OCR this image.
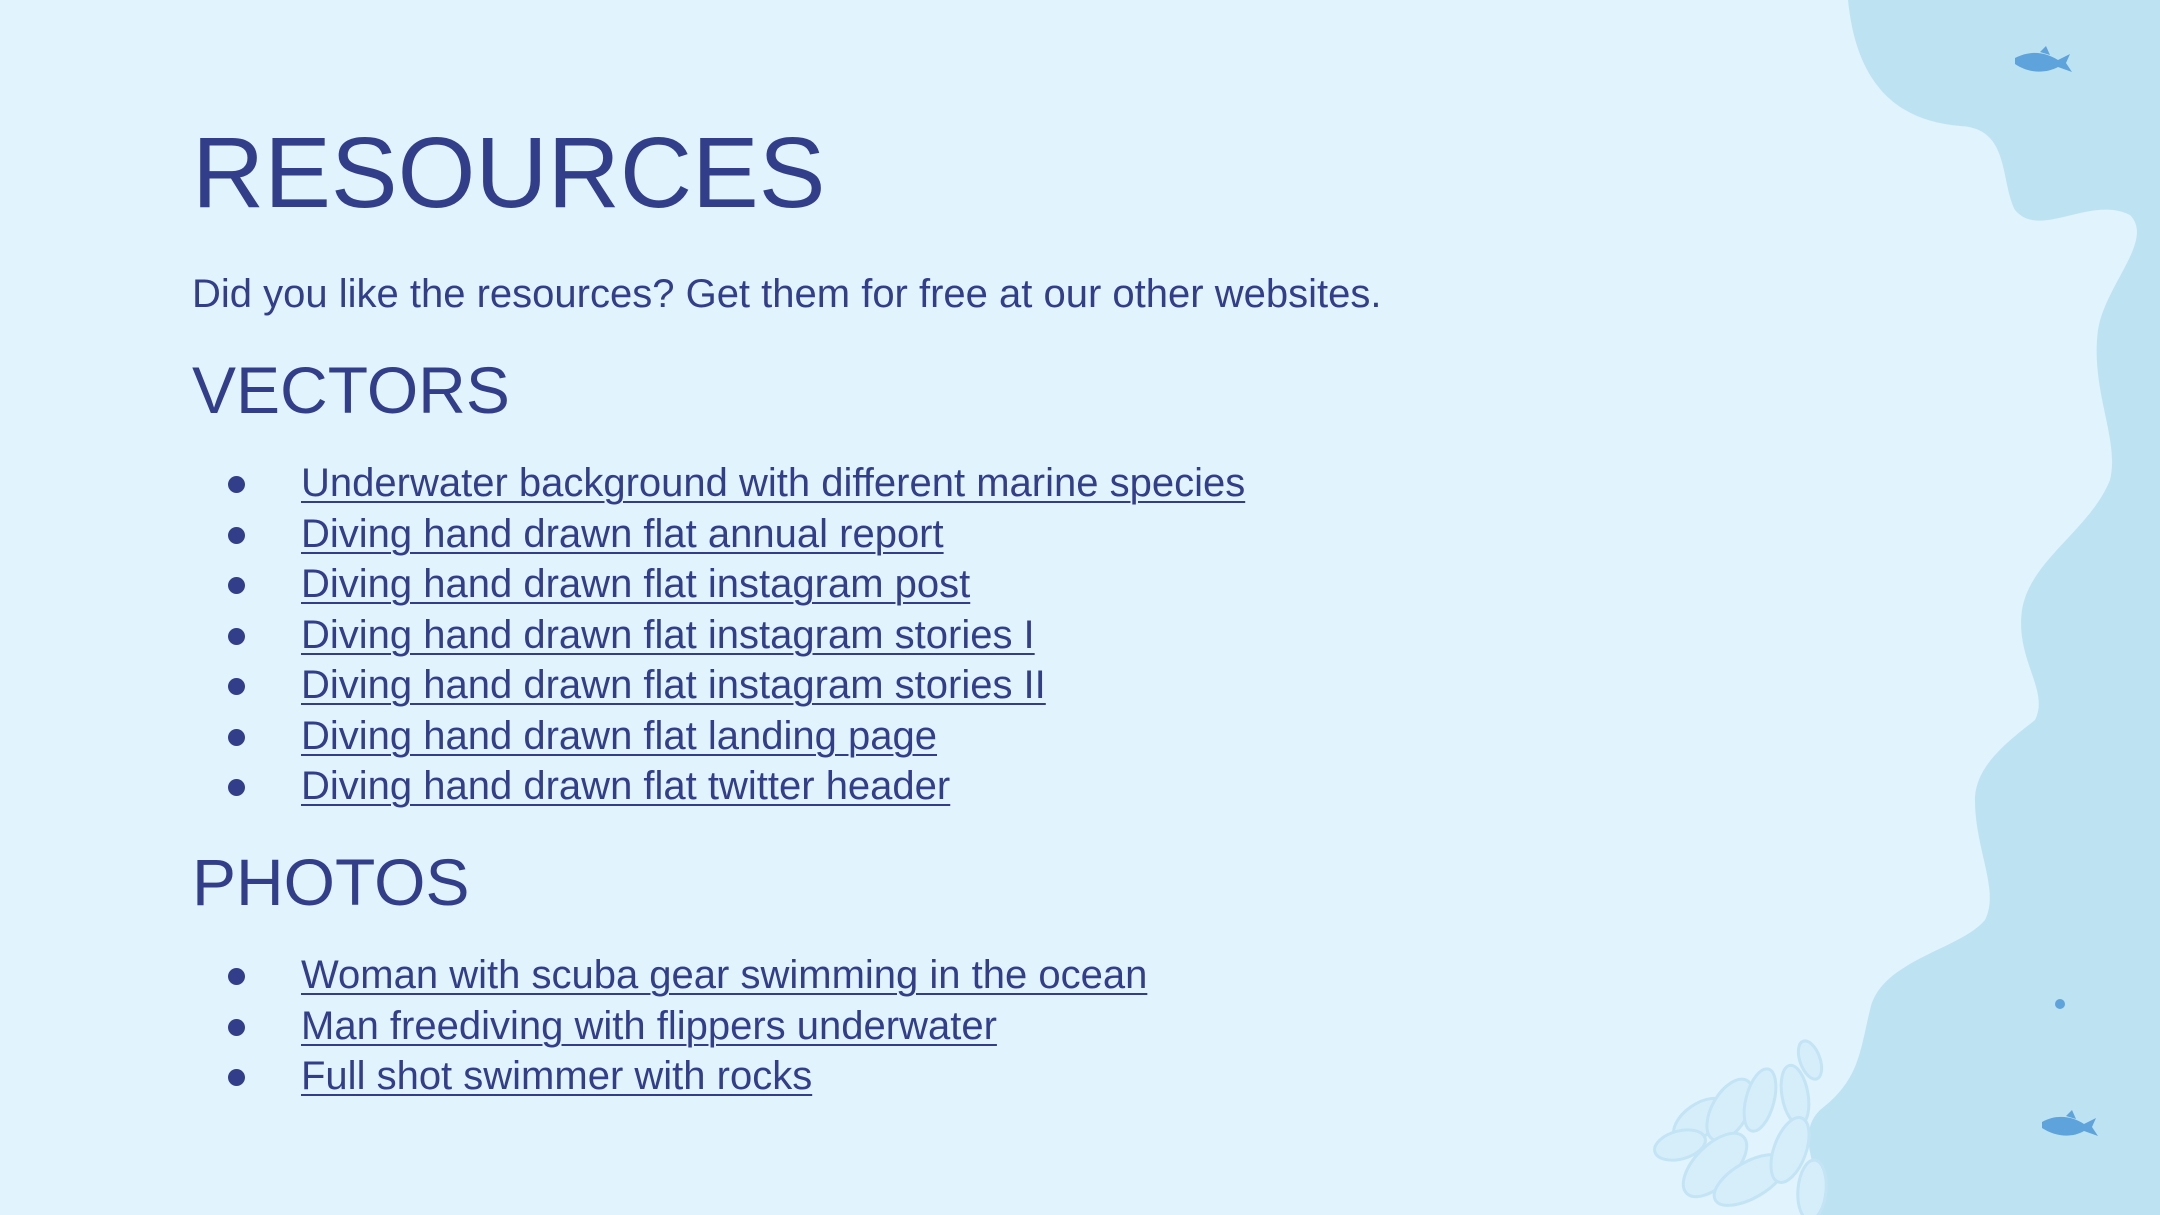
RESOURCES

Did you like the resources? Get them for free at our other websites.

VECTORS
Underwater background with different marine species
Diving hand drawn flat annual report
Diving hand drawn flat instagram post
Diving hand drawn flat instagram stories I
Diving hand drawn flat instagram stories II
Diving hand drawn flat landing page
Diving hand drawn flat twitter header
PHOTOS
Woman with scuba gear swimming in the ocean
Man freediving with flippers underwater
Full shot swimmer with rocks
